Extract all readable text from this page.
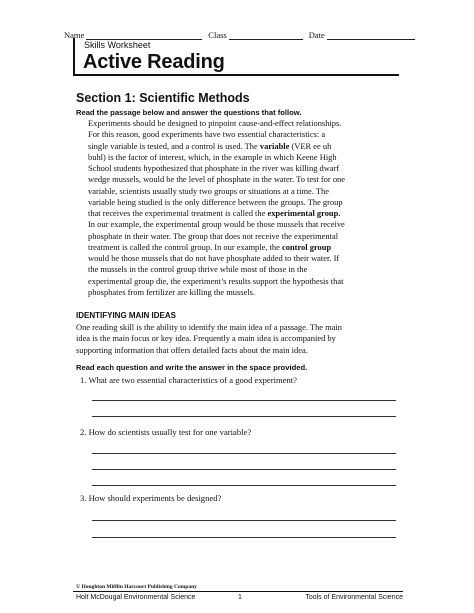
Name	Class	Date
Skills Worksheet
Active Reading
Section 1: Scientific Methods
Read the passage below and answer the questions that follow.
Experiments should be designed to pinpoint cause-and-effect relationships.
For this reason, good experiments have two essential characteristics: a
single variable is tested, and a control is used. The variable (VER ee uh
buhl) is the factor of interest, which, in the example in which Keene High
School students hypothesized that phosphate in the river was killing dwarf
wedge mussels, would be the level of phosphate in the water. To test for one
variable, scientists usually study two groups or situations at a time. The
variable being studied is the only difference between the groups. The group
that receives the experimental treatment is called the experimental group.
In our example, the experimental group would be those mussels that receive
phosphate in their water. The group that does not receive the experimental
treatment is called the control group. In our example, the control group
would be those mussels that do not have phosphate added to their water. If
the mussels in the control group thrive while most of those in the
experimental group die, the experiment’s results support the hypothesis that
phosphates from fertilizer are killing the mussels.
IDENTIFYING MAIN IDEAS
One reading skill is the ability to identify the main idea of a passage. The main
idea is the main focus or key idea. Frequently a main idea is accompanied by
supporting information that offers detailed facts about the main idea.
Read each question and write the answer in the space provided.
1. What are two essential characteristics of a good experiment?
2. How do scientists usually test for one variable?
3. How should experiments be designed?
© Houghton Mifflin Harcourt Publishing Company
Holt McDougal Environmental Science	1	Tools of Environmental Science
